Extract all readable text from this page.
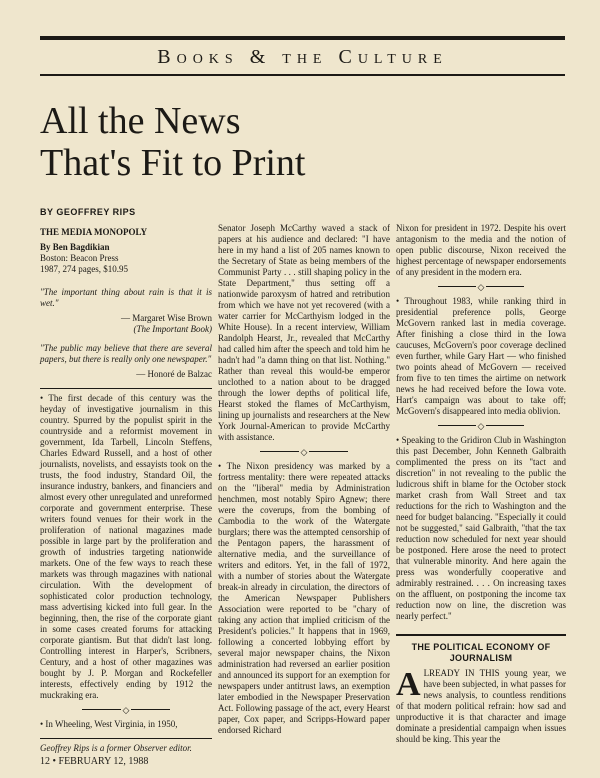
Books & the Culture
All the News
That's Fit to Print
BY GEOFFREY RIPS

THE MEDIA MONOPOLY

By Ben Bagdikian

Boston: Beacon Press

1987, 274 pages, $10.95

"The important thing about rain is that it is wet."

— Margaret Wise Brown

(The Important Book)

"The public may believe that there are several papers, but there is really only one newspaper."

— Honoré de Balzac

• The first decade of this century was the heyday of investigative journalism in this country. Spurred by the populist spirit in the countryside and a reformist movement in government, Ida Tarbell, Lincoln Steffens, Charles Edward Russell, and a host of other journalists, novelists, and essayists took on the trusts, the food industry, Standard Oil, the insurance industry, bankers, and financiers and almost every other unregulated and unreformed corporate and government enterprise. These writers found venues for their work in the proliferation of national magazines made possible in large part by the proliferation and growth of industries targeting nationwide markets. One of the few ways to reach these markets was through magazines with national circulation. With the development of sophisticated color production technology, mass advertising kicked into full gear. In the beginning, then, the rise of the corporate giant in some cases created forums for attacking corporate giantism. But that didn't last long. Controlling interest in Harper's, Scribners, Century, and a host of other magazines was bought by J. P. Morgan and Rockefeller interests, effectively ending by 1912 the muckraking era.

◇

• In Wheeling, West Virginia, in 1950,

Geoffrey Rips is a former Observer editor.

Senator Joseph McCarthy waved a stack of papers at his audience and declared: "I have here in my hand a list of 205 names known to the Secretary of State as being members of the Communist Party . . . still shaping policy in the State Department," thus setting off a nationwide paroxysm of hatred and retribution from which we have not yet recovered (with a water carrier for McCarthyism lodged in the White House). In a recent interview, William Randolph Hearst, Jr., revealed that McCarthy had called him after the speech and told him he hadn't had "a damn thing on that list. Nothing." Rather than reveal this would-be emperor unclothed to a nation about to be dragged through the lower depths of political life, Hearst stoked the flames of McCarthyism, lining up journalists and researchers at the New York Journal-American to provide McCarthy with assistance.

◇

• The Nixon presidency was marked by a fortress mentality: there were repeated attacks on the "liberal" media by Administration henchmen, most notably Spiro Agnew; there were the coverups, from the bombing of Cambodia to the work of the Watergate burglars; there was the attempted censorship of the Pentagon papers, the harassment of alternative media, and the surveillance of writers and editors. Yet, in the fall of 1972, with a number of stories about the Watergate break-in already in circulation, the directors of the American Newspaper Publishers Association were reported to be "chary of taking any action that implied criticism of the President's policies." It happens that in 1969, following a concerted lobbying effort by several major newspaper chains, the Nixon administration had reversed an earlier position and announced its support for an exemption for newspapers under antitrust laws, an exemption later embodied in the Newspaper Preservation Act. Following passage of the act, every Hearst paper, Cox paper, and Scripps-Howard paper endorsed Richard

Nixon for president in 1972. Despite his overt antagonism to the media and the notion of open public discourse, Nixon received the highest percentage of newspaper endorsements of any president in the modern era.

◇

• Throughout 1983, while ranking third in presidential preference polls, George McGovern ranked last in media coverage. After finishing a close third in the Iowa caucuses, McGovern's poor coverage declined even further, while Gary Hart — who finished two points ahead of McGovern — received from five to ten times the airtime on network news he had received before the Iowa vote. Hart's campaign was about to take off; McGovern's disappeared into media oblivion.

◇

• Speaking to the Gridiron Club in Washington this past December, John Kenneth Galbraith complimented the press on its "tact and discretion" in not revealing to the public the ludicrous shift in blame for the October stock market crash from Wall Street and tax reductions for the rich to Washington and the need for budget balancing. "Especially it could not be suggested," said Galbraith, "that the tax reduction now scheduled for next year should be postponed. Here arose the need to protect that vulnerable minority. And here again the press was wonderfully cooperative and admirably restrained. . . . On increasing taxes on the affluent, on postponing the income tax reduction now on line, the discretion was nearly perfect."

THE POLITICAL ECONOMY OF JOURNALISM

ALREADY IN THIS young year, we have been subjected, in what passes for news analysis, to countless renditions of that modern political refrain: how sad and unproductive it is that character and image dominate a presidential campaign when issues should be king. This year the

12 • FEBRUARY 12, 1988
